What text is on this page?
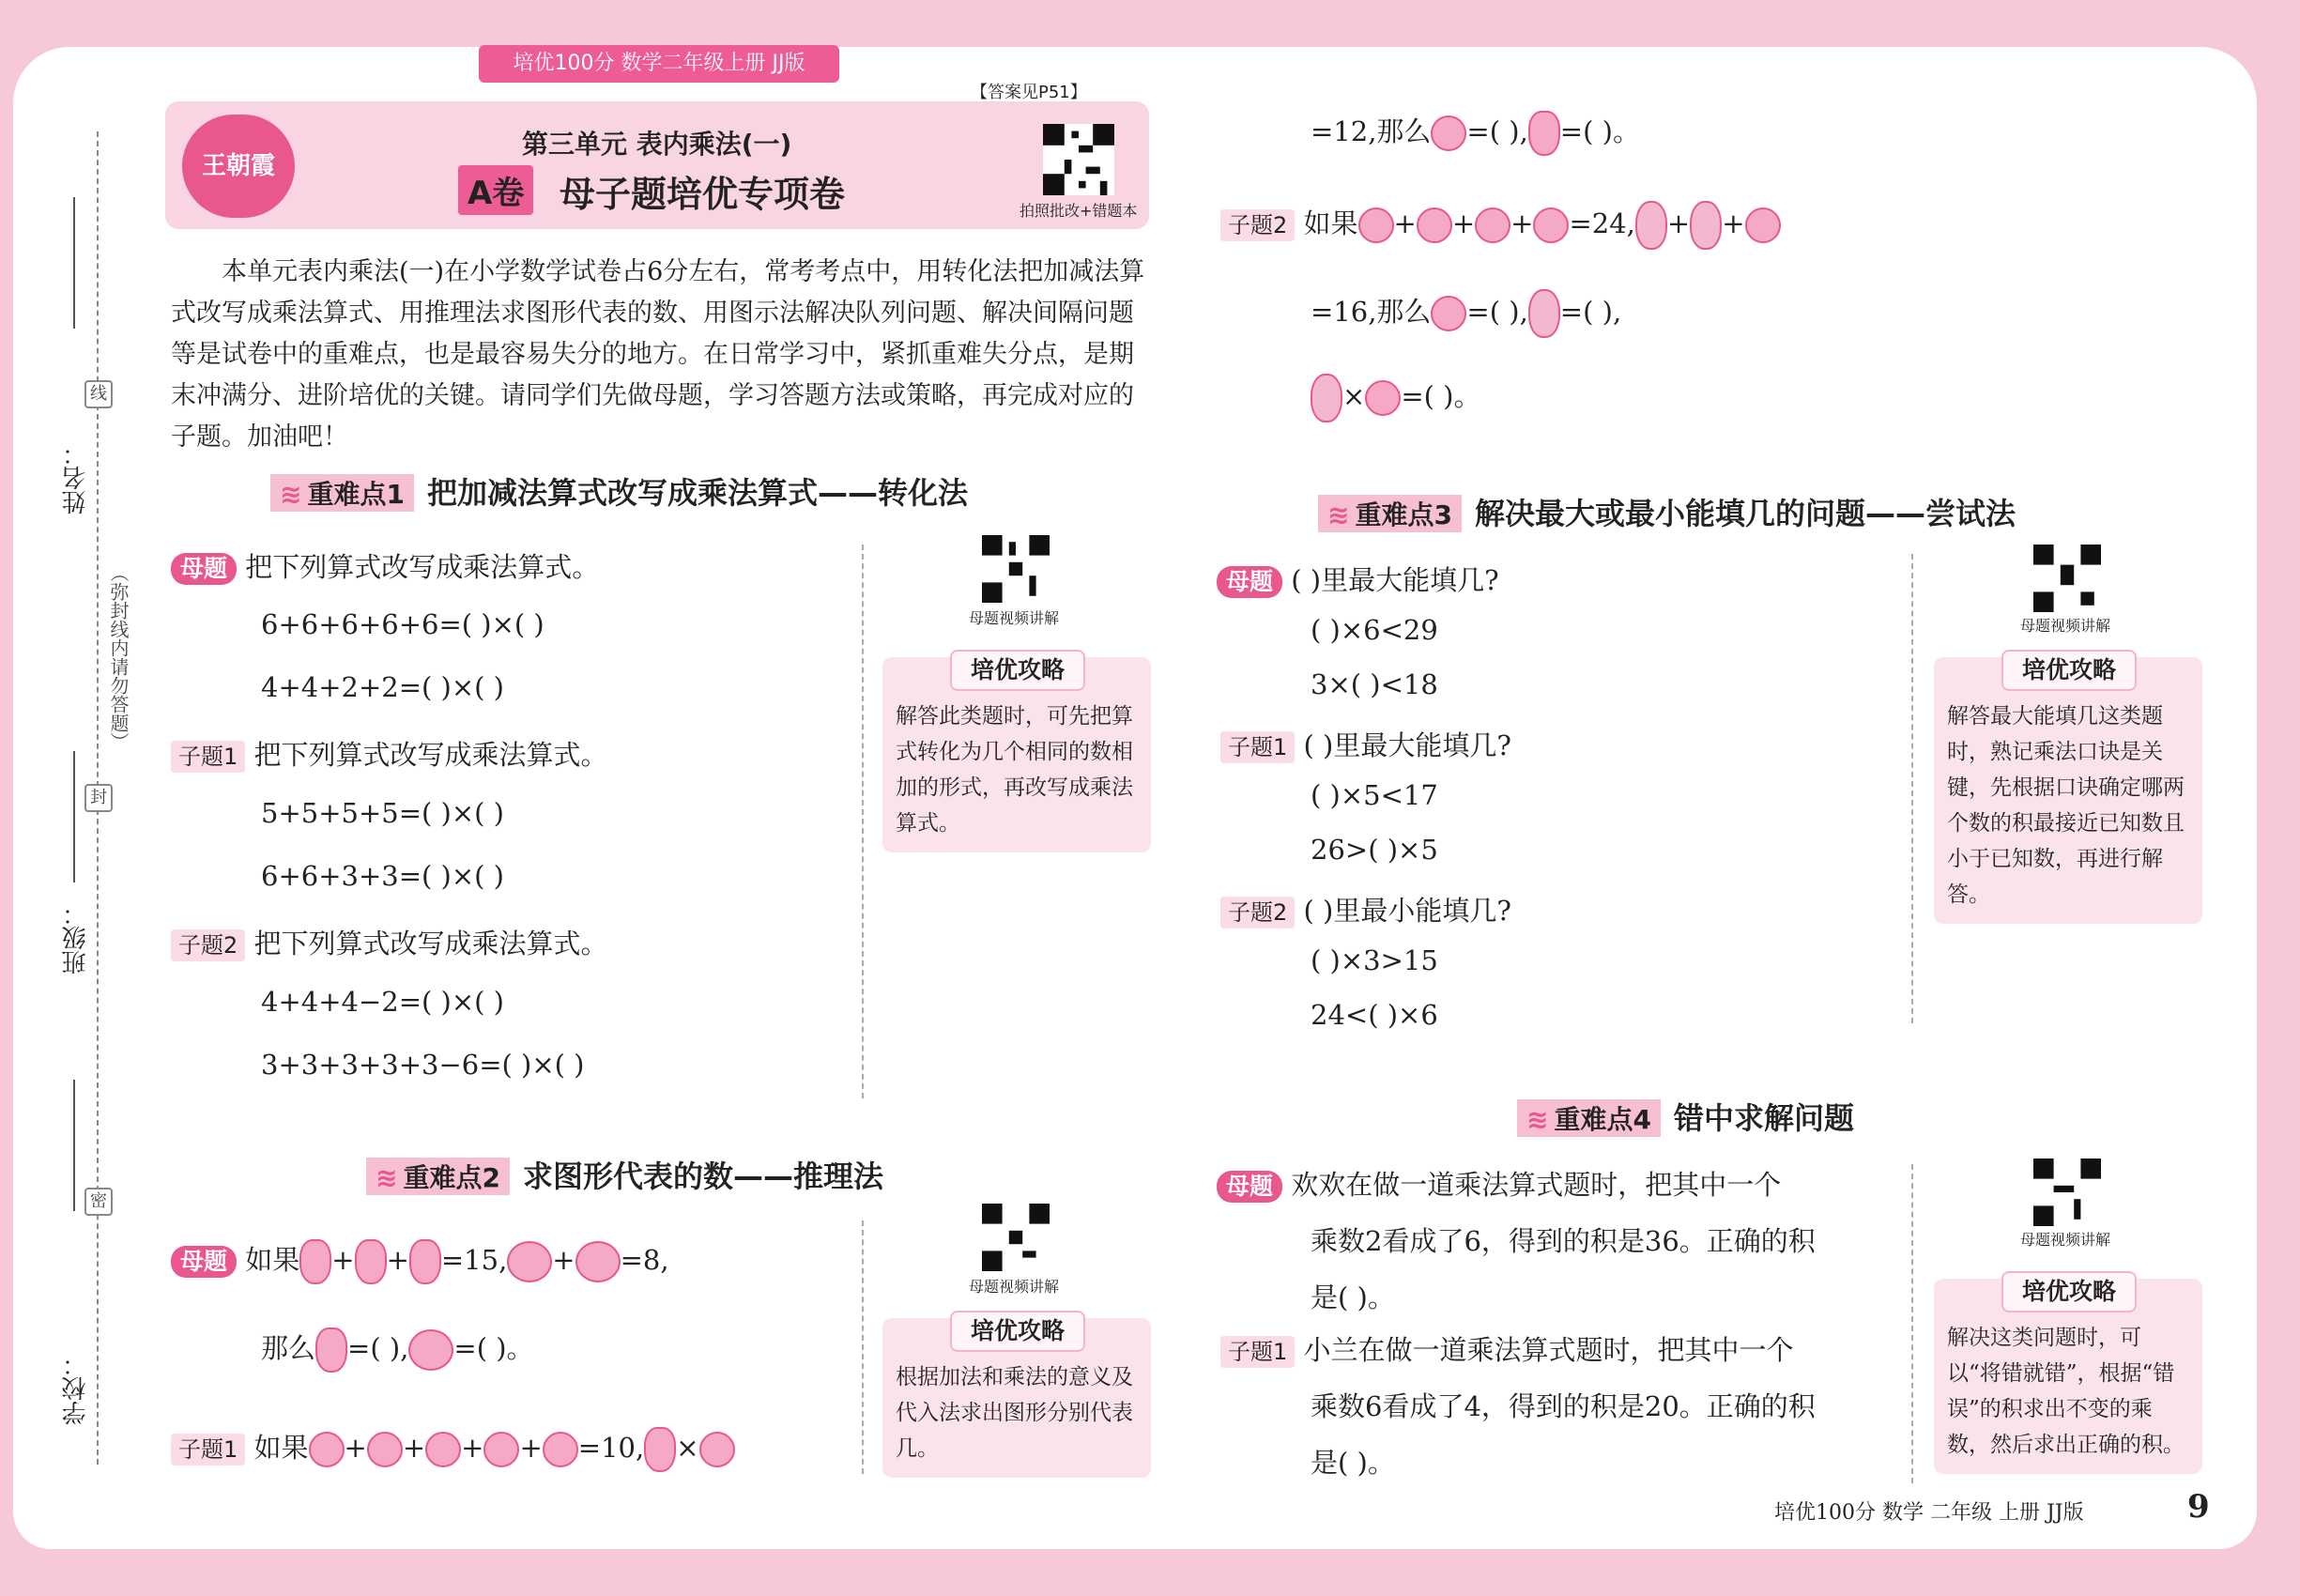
培优100分 数学二年级上册 JJ版
姓名：
班级：
学校：
线
封
密
（弥封线内请勿答题）
王朝霞
第三单元 表内乘法(一)
A卷 母子题培优专项卷	拍照批改+错题本
【答案见P51】
本单元表内乘法(一)在小学数学试卷占6分左右，常考考点中，用转化法把加减法算式改写成乘法算式、用推理法求图形代表的数、用图示法解决队列问题、解决间隔问题等是试卷中的重难点，也是最容易失分的地方。在日常学习中，紧抓重难失分点，是期末冲满分、进阶培优的关键。请同学们先做母题，学习答题方法或策略，再完成对应的子题。加油吧！
≋ 重难点1 把加减法算式改写成乘法算式——转化法
母题 把下列算式改写成乘法算式。
6+6+6+6+6=( )×( )
4+4+2+2=( )×( )
子题1 把下列算式改写成乘法算式。
5+5+5+5=( )×( )
6+6+3+3=( )×( )
子题2 把下列算式改写成乘法算式。
4+4+4−2=( )×( )
3+3+3+3+3−6=( )×( )
母题视频讲解
培优攻略
解答此类题时，可先把算式转化为几个相同的数相加的形式，再改写成乘法算式。
≋ 重难点2 求图形代表的数——推理法
母题 如果 + + =15, + =8,
那么 =( ), =( )。
子题1 如果 + + + + =10, ×
母题视频讲解
培优攻略
根据加法和乘法的意义及代入法求出图形分别代表几。
=12,那么 =( ), =( )。
子题2 如果 + + + =24, + +
=16,那么 =( ), =( ),
× =( )。
≋ 重难点3 解决最大或最小能填几的问题——尝试法
母题 ( )里最大能填几?
( )×6<29
3×( )<18
子题1 ( )里最大能填几?
( )×5<17
26>( )×5
子题2 ( )里最小能填几?
( )×3>15
24<( )×6
母题视频讲解
培优攻略
解答最大能填几这类题时，熟记乘法口诀是关键，先根据口诀确定哪两个数的积最接近已知数且小于已知数，再进行解答。
≋ 重难点4 错中求解问题
母题 欢欢在做一道乘法算式题时，把其中一个
乘数2看成了6，得到的积是36。正确的积
是( )。
子题1 小兰在做一道乘法算式题时，把其中一个
乘数6看成了4，得到的积是20。正确的积
是( )。
母题视频讲解
培优攻略
解决这类问题时，可以“将错就错”，根据“错误”的积求出不变的乘数，然后求出正确的积。
培优100分 数学 二年级 上册 JJ版	9
